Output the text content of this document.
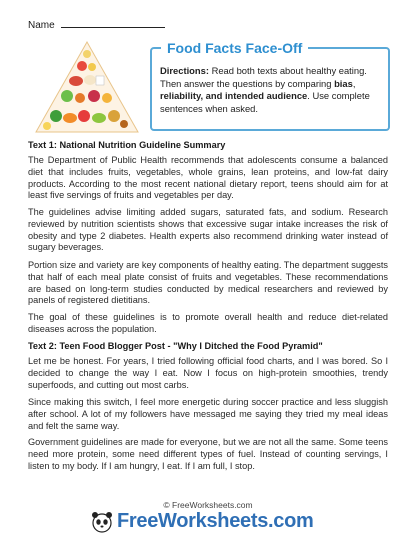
Name
Food Facts Face-Off
Directions: Read both texts about healthy eating. Then answer the questions by comparing bias, reliability, and intended audience. Use complete sentences when asked.
Text 1: National Nutrition Guideline Summary

The Department of Public Health recommends that adolescents consume a balanced diet that includes fruits, vegetables, whole grains, lean proteins, and low-fat dairy products. According to the most recent national dietary report, teens should aim for at least five servings of fruits and vegetables per day.

The guidelines advise limiting added sugars, saturated fats, and sodium. Research reviewed by nutrition scientists shows that excessive sugar intake increases the risk of obesity and type 2 diabetes. Health experts also recommend drinking water instead of sugary beverages.

Portion size and variety are key components of healthy eating. The department suggests that half of each meal plate consist of fruits and vegetables. These recommendations are based on long-term studies conducted by medical researchers and reviewed by panels of registered dietitians.

The goal of these guidelines is to promote overall health and reduce diet-related diseases across the population.

Text 2: Teen Food Blogger Post - "Why I Ditched the Food Pyramid"

Let me be honest. For years, I tried following official food charts, and I was bored. So I decided to change the way I eat. Now I focus on high-protein smoothies, trendy superfoods, and cutting out most carbs.

Since making this switch, I feel more energetic during soccer practice and less sluggish after school. A lot of my followers have messaged me saying they tried my meal ideas and felt the same way.

Government guidelines are made for everyone, but we are not all the same. Some teens need more protein, some need different types of fuel. Instead of counting servings, I listen to my body. If I am hungry, I eat. If I am full, I stop.

© FreeWorksheets.com
FreeWorksheets.com
